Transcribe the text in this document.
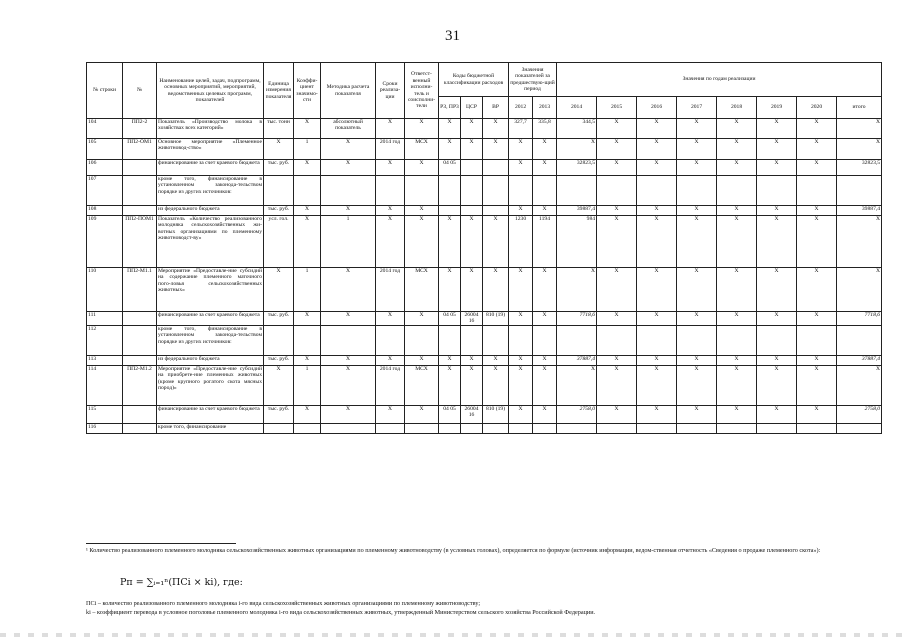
31
№ строки	№	Наименование целей, задач, подпрограмм, основных мероприятий, мероприятий, ведомственных целевых программ, показателей	Единица измерения показателя	Коэффи-циент значимо-сти	Методика расчета показателя	Сроки реализа-ции	Ответст-венный исполни-тель и соисполни-тели	Коды бюджетной классификации расходов			Значения показателей за предшествую-щий период		Значения по годам реализации							
								РЗ, ПР3	ЦСР	ВР	2012	2013	2014	2015	2016	2017	2018	2019	2020	итого
104	ПП2-2	Показатель «Производство молока в хозяйствах всех категорий»	тыс. тонн	X	абсолютный показатель	X	X	X	X	X	327,7	335,8	344,5	X	X	X	X	X	X	X
105	ПП2-ОМ1	Основное мероприятие «Племенное животновод-ство»	X	1	X	2014 год	МСХ	X	X	X	X	X	X	X	X	X	X	X	X	X
106		финансирование за счет краевого бюджета	тыс. руб.	X	X	X	X	04 05			X	X	32823,5	X	X	X	X	X	X	32823,5
107		кроме того, финансирование в установленном законода-тельством порядке из других источников:																		
108		из федерального бюджета	тыс. руб.	X	X	X	X				X	X	39887,4	X	X	X	X	X	X	39887,4
109	ПП2-ПОМ1	Показатель «Количество реализованного молодняка сельскохозяйственных жи-вотных организациями по племенному животноводст-ву»	усл. гол.	X	1	X	X	X	X	X	1230	1194	984	X	X	X	X	X	X	X
110	ПП2-М1.1	Мероприятие «Предоставле-ние субсидий на содержание племенного маточного пого-ловья сельскохозяйственных животных»	X	1	X	2014 год	МСХ	X	X	X	X	X	X	X	X	X	X	X	X	X
111		финансирование за счет краевого бюджета	тыс. руб.	X	X	X	X	04 05	26004 16	810 (19)	X	X	7718,6	X	X	X	X	X	X	7718,6
112		кроме того, финансирование в установленном законода-тельством порядке из других источников:																		
113		из федерального бюджета	тыс. руб.	X	X	X	X	X	X	X	X	X	37887,4	X	X	X	X	X	X	37887,4
114	ПП2-М1.2	Мероприятие «Предоставле-ние субсидий на приобрете-ние племенных животных (кроме крупного рогатого скота мясных пород)»	X	1	X	2014 год	МСХ	X	X	X	X	X	X	X	X	X	X	X	X	X
115		финансирование за счет краевого бюджета	тыс. руб.	X	X	X	X	04 05	26004 16	810 (19)	X	X	2758,0	X	X	X	X	X	X	2758,0
116		кроме того, финансирование																		
¹ Количество реализованного племенного молодняка сельскохозяйственных животных организациями по племенному животноводству (в условных головах), определяется по формуле (источник информации, ведом-ственная отчетность «Сведения о продаже племенного скота»):
Pп = ∑ᵢ₌₁ⁿ(ПСi × ki), где:
ПСi – количество реализованного племенного молодняка i-го вида сельскохозяйственных животных организациями по племенному животноводству;
ki – коэффициент перевода в условное поголовье племенного молодняка i-го вида сельскохозяйственных животных, утвержденный Министерством сельского хозяйства Российской Федерации.
